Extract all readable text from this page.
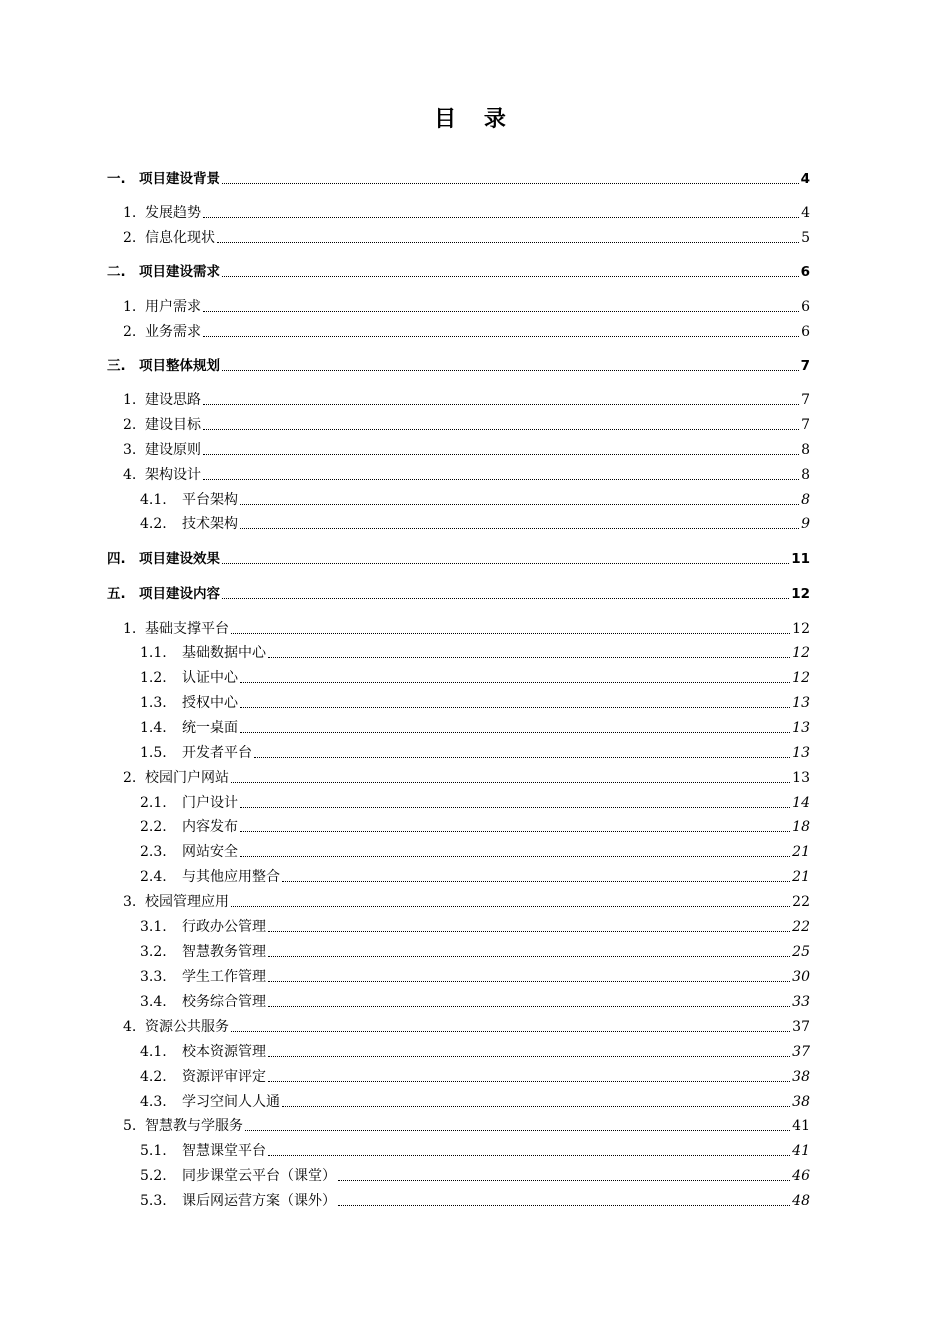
目 录
一. 项目建设背景	4
1. 发展趋势	4
2. 信息化现状	5
二. 项目建设需求	6
1. 用户需求	6
2. 业务需求	6
三. 项目整体规划	7
1. 建设思路	7
2. 建设目标	7
3. 建设原则	8
4. 架构设计	8
4.1.	平台架构	8
4.2.	技术架构	9
四. 项目建设效果	11
五. 项目建设内容	12
1. 基础支撑平台	12
1.1.	基础数据中心	12
1.2.	认证中心	12
1.3.	授权中心	13
1.4.	统一桌面	13
1.5.	开发者平台	13
2. 校园门户网站	13
2.1.	门户设计	14
2.2.	内容发布	18
2.3.	网站安全	21
2.4.	与其他应用整合	21
3. 校园管理应用	22
3.1.	行政办公管理	22
3.2.	智慧教务管理	25
3.3.	学生工作管理	30
3.4.	校务综合管理	33
4. 资源公共服务	37
4.1.	校本资源管理	37
4.2.	资源评审评定	38
4.3.	学习空间人人通	38
5. 智慧教与学服务	41
5.1.	智慧课堂平台	41
5.2.	同步课堂云平台（课堂）	46
5.3.	课后网运营方案（课外）	48
